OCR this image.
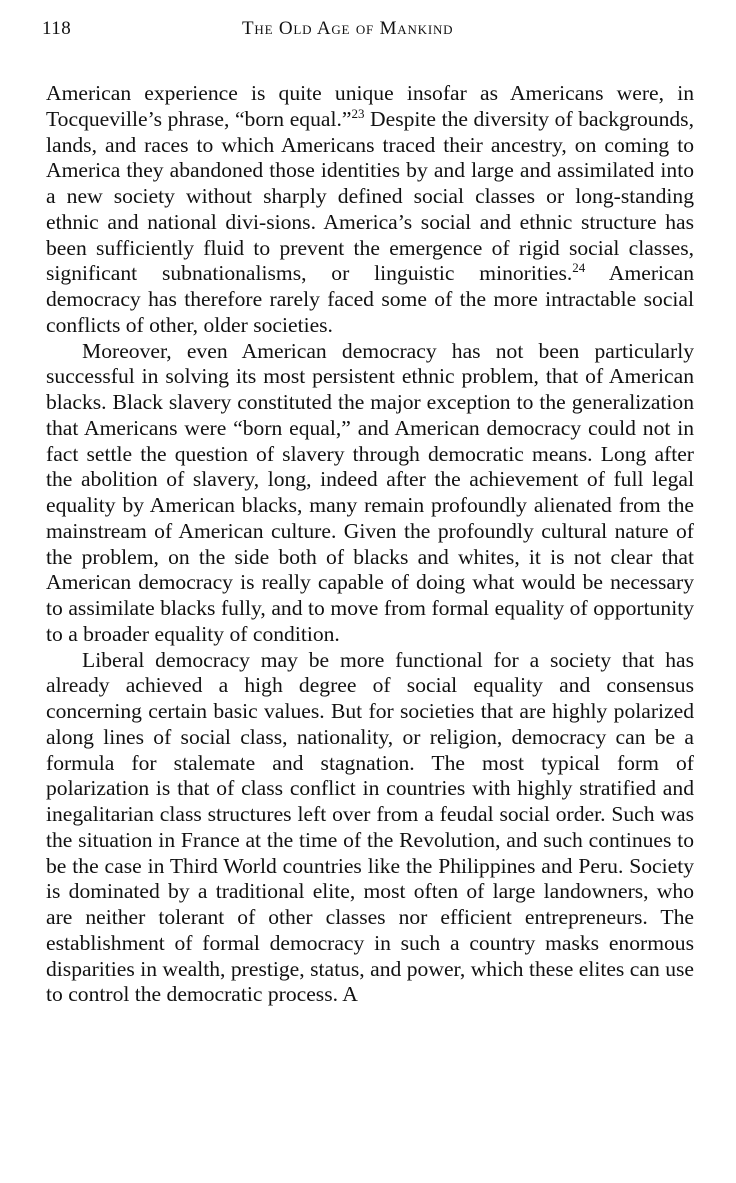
118	The Old Age of Mankind

American experience is quite unique insofar as Americans were, in Tocqueville’s phrase, “born equal.”$^{23}$ Despite the diversity of backgrounds, lands, and races to which Americans traced their ancestry, on coming to America they abandoned those identities by and large and assimilated into a new society without sharply defined social classes or long-standing ethnic and national divi-sions. America’s social and ethnic structure has been sufficiently fluid to prevent the emergence of rigid social classes, significant subnationalisms, or linguistic minorities.$^{24}$ American democracy has therefore rarely faced some of the more intractable social conflicts of other, older societies.

Moreover, even American democracy has not been particularly successful in solving its most persistent ethnic problem, that of American blacks. Black slavery constituted the major exception to the generalization that Americans were “born equal,” and American democracy could not in fact settle the question of slavery through democratic means. Long after the abolition of slavery, long, indeed after the achievement of full legal equality by American blacks, many remain profoundly alienated from the mainstream of American culture. Given the profoundly cultural nature of the problem, on the side both of blacks and whites, it is not clear that American democracy is really capable of doing what would be necessary to assimilate blacks fully, and to move from formal equality of opportunity to a broader equality of condition.

Liberal democracy may be more functional for a society that has already achieved a high degree of social equality and consensus concerning certain basic values. But for societies that are highly polarized along lines of social class, nationality, or religion, democracy can be a formula for stalemate and stagnation. The most typical form of polarization is that of class conflict in countries with highly stratified and inegalitarian class structures left over from a feudal social order. Such was the situation in France at the time of the Revolution, and such continues to be the case in Third World countries like the Philippines and Peru. Society is dominated by a traditional elite, most often of large landowners, who are neither tolerant of other classes nor efficient entrepreneurs. The establishment of formal democracy in such a country masks enormous disparities in wealth, prestige, status, and power, which these elites can use to control the democratic process. A
